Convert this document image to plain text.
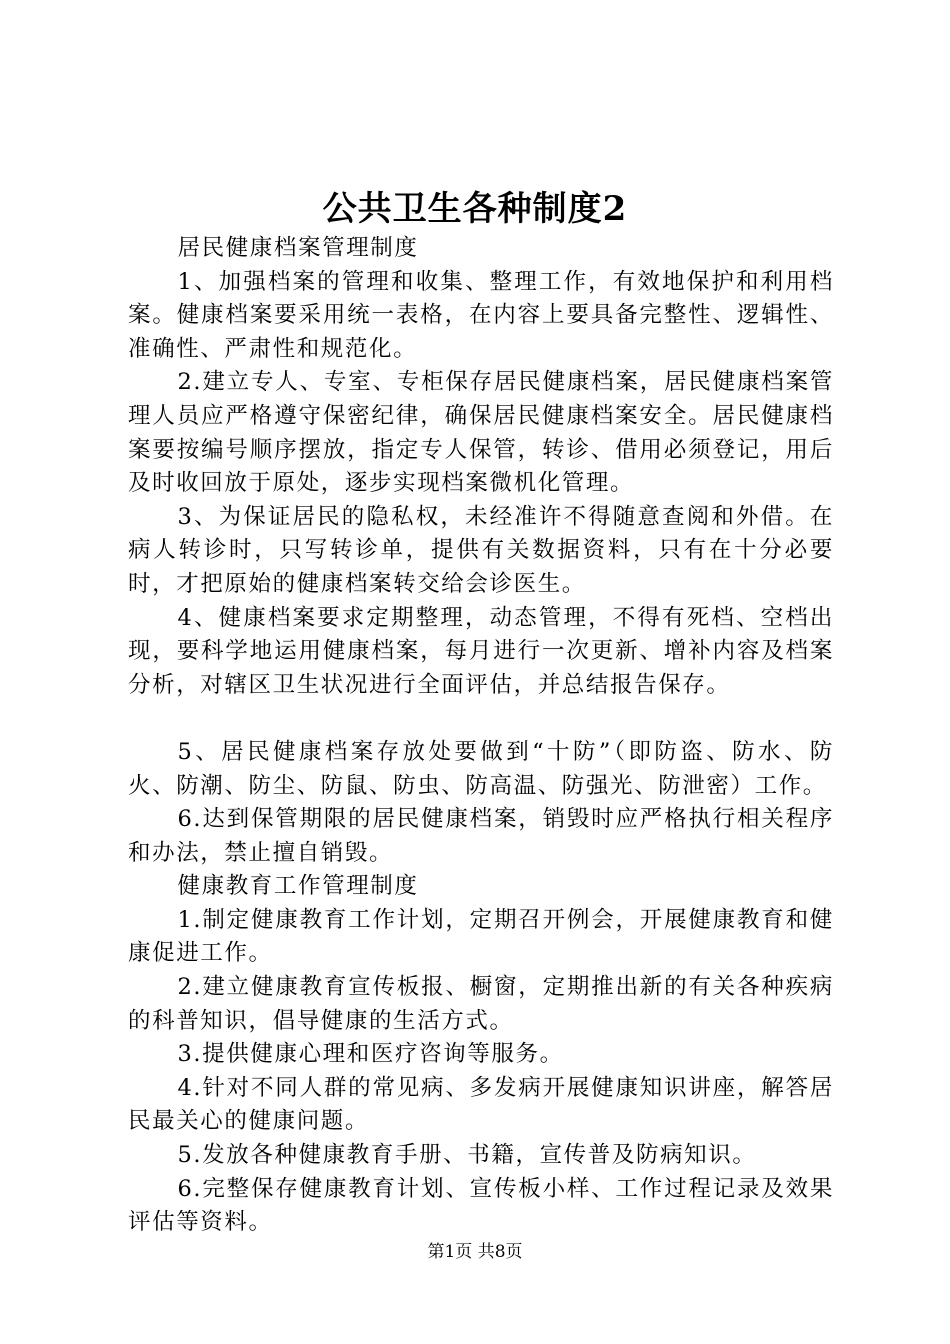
公共卫生各种制度2

居民健康档案管理制度

1、加强档案的管理和收集、整理工作，有效地保护和利用档案。健康档案要采用统一表格，在内容上要具备完整性、逻辑性、准确性、严肃性和规范化。

2.建立专人、专室、专柜保存居民健康档案，居民健康档案管理人员应严格遵守保密纪律，确保居民健康档案安全。居民健康档案要按编号顺序摆放，指定专人保管，转诊、借用必须登记，用后及时收回放于原处，逐步实现档案微机化管理。

3、为保证居民的隐私权，未经准许不得随意查阅和外借。在病人转诊时，只写转诊单，提供有关数据资料，只有在十分必要时，才把原始的健康档案转交给会诊医生。

4、健康档案要求定期整理，动态管理，不得有死档、空档出现，要科学地运用健康档案，每月进行一次更新、增补内容及档案分析，对辖区卫生状况进行全面评估，并总结报告保存。

5、居民健康档案存放处要做到“十防”（即防盗、防水、防火、防潮、防尘、防鼠、防虫、防高温、防强光、防泄密）工作。

6.达到保管期限的居民健康档案，销毁时应严格执行相关程序和办法，禁止擅自销毁。

健康教育工作管理制度

1.制定健康教育工作计划，定期召开例会，开展健康教育和健康促进工作。

2.建立健康教育宣传板报、橱窗，定期推出新的有关各种疾病的科普知识，倡导健康的生活方式。

3.提供健康心理和医疗咨询等服务。

4.针对不同人群的常见病、多发病开展健康知识讲座，解答居民最关心的健康问题。

5.发放各种健康教育手册、书籍，宣传普及防病知识。

6.完整保存健康教育计划、宣传板小样、工作过程记录及效果评估等资料。

第1页 共8页
